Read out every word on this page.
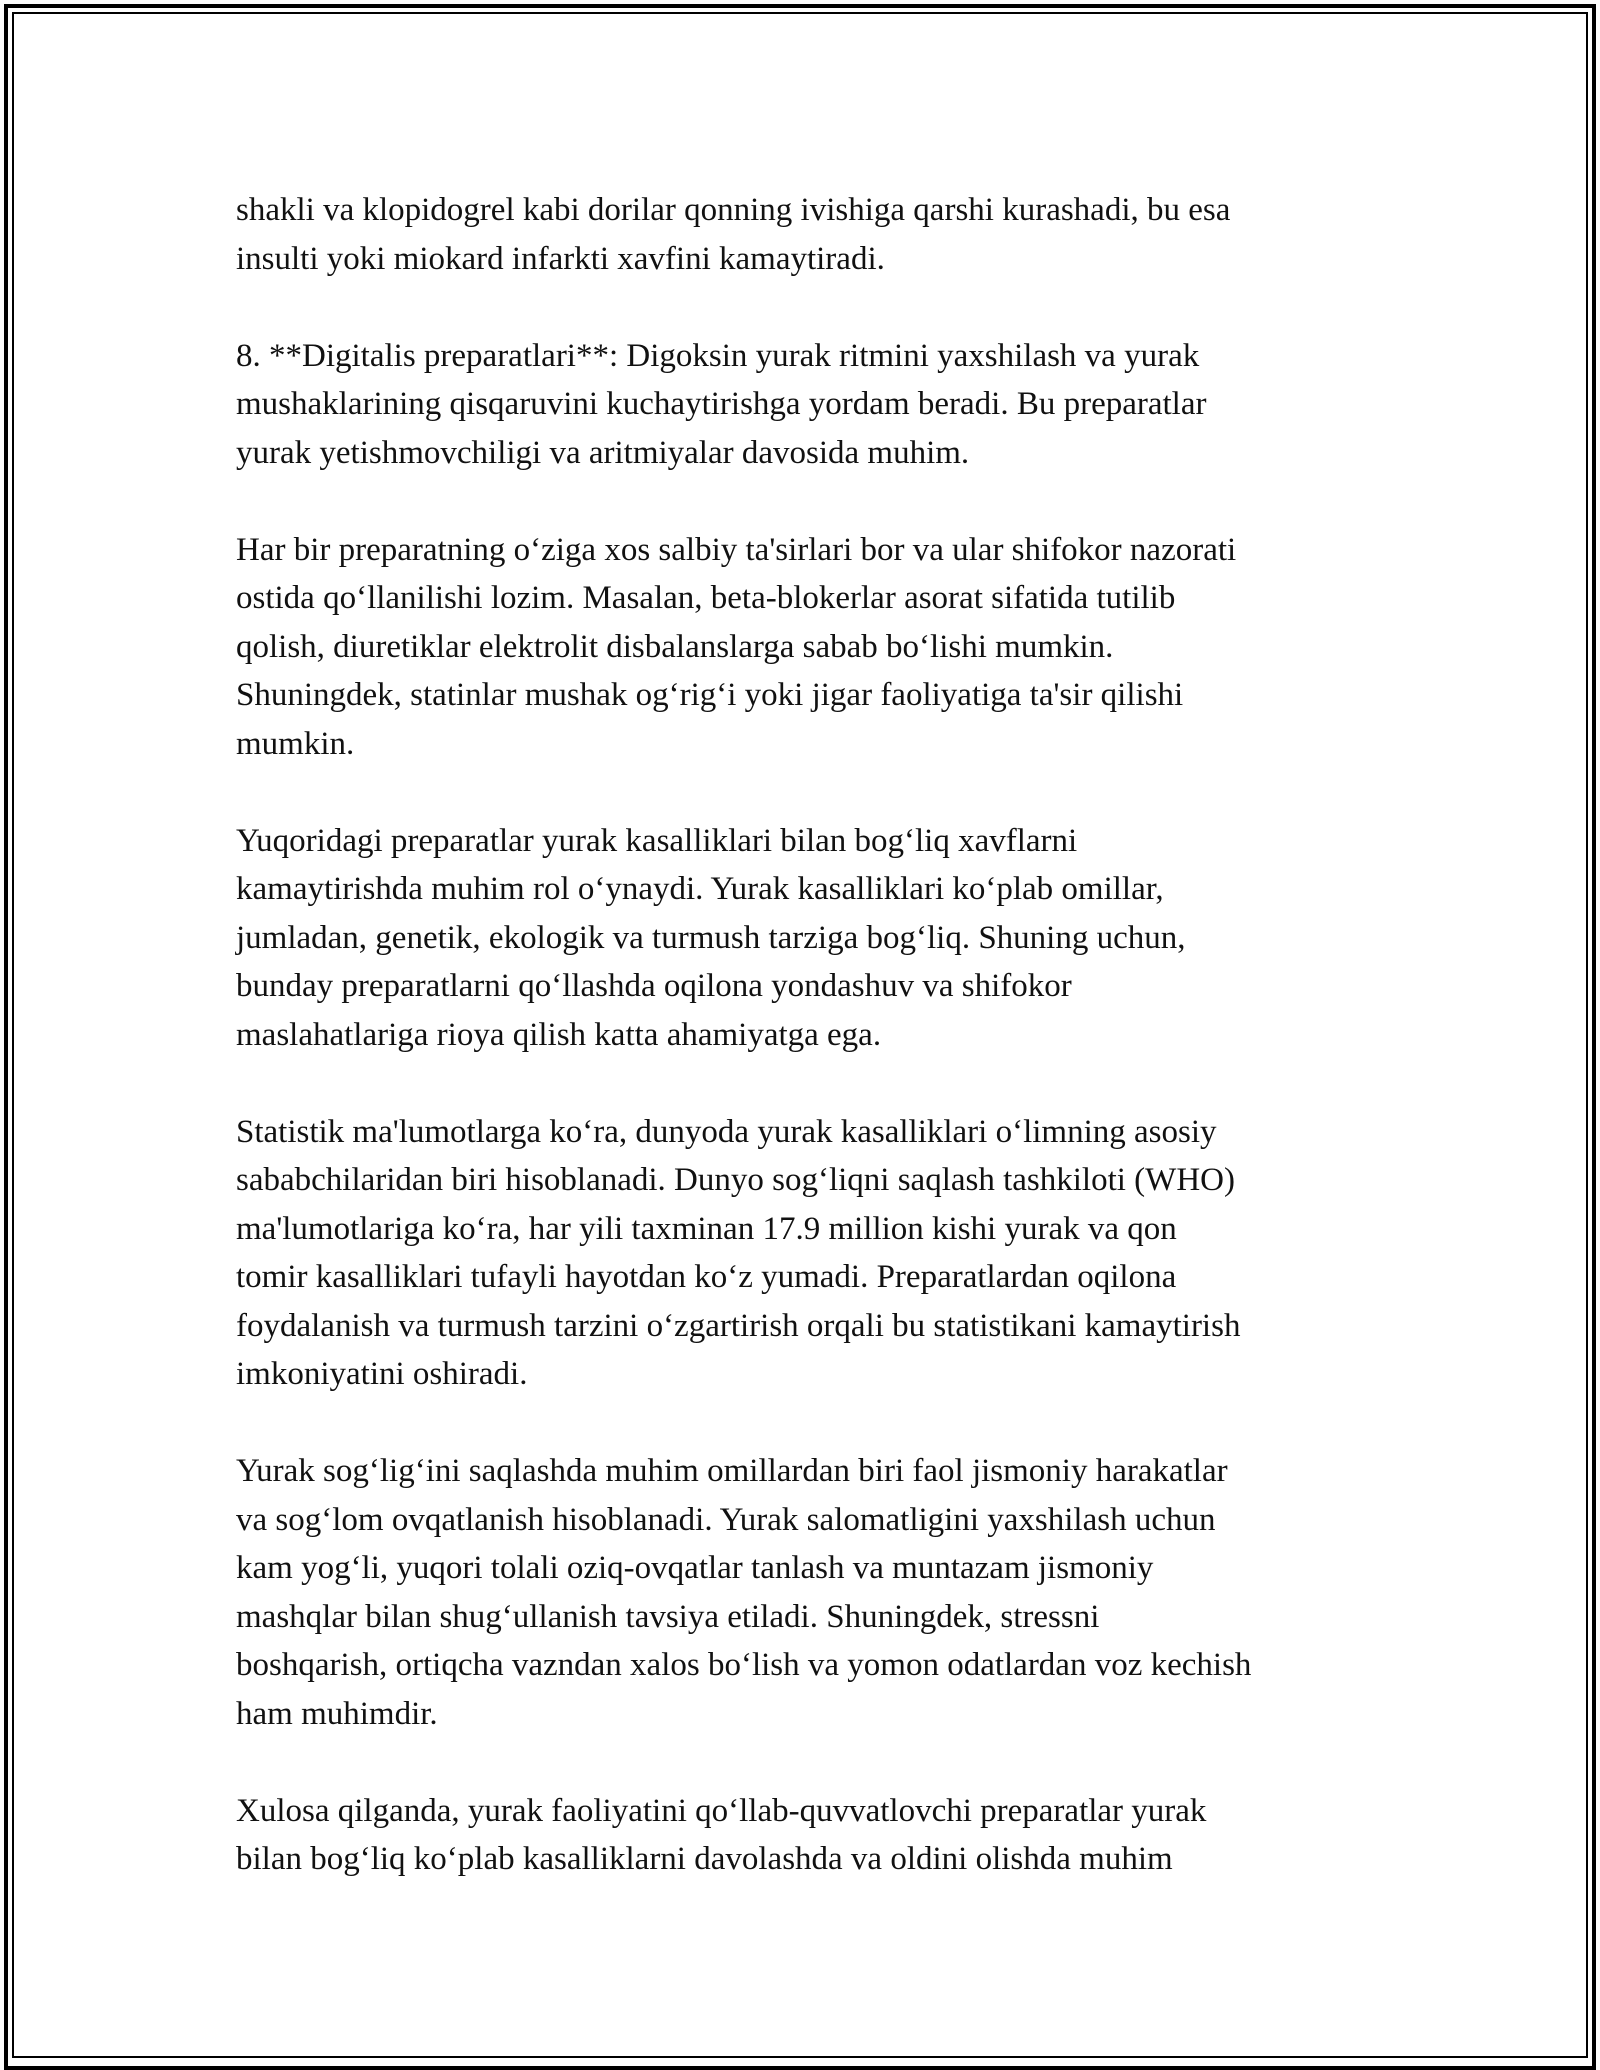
shakli va klopidogrel kabi dorilar qonning ivishiga qarshi kurashadi, bu esa
insulti yoki miokard infarkti xavfini kamaytiradi.

8. **Digitalis preparatlari**: Digoksin yurak ritmini yaxshilash va yurak
mushaklarining qisqaruvini kuchaytirishga yordam beradi. Bu preparatlar
yurak yetishmovchiligi va aritmiyalar davosida muhim.

Har bir preparatning o‘ziga xos salbiy ta'sirlari bor va ular shifokor nazorati
ostida qo‘llanilishi lozim. Masalan, beta-blokerlar asorat sifatida tutilib
qolish, diuretiklar elektrolit disbalanslarga sabab bo‘lishi mumkin.
Shuningdek, statinlar mushak og‘rig‘i yoki jigar faoliyatiga ta'sir qilishi
mumkin.

Yuqoridagi preparatlar yurak kasalliklari bilan bog‘liq xavflarni
kamaytirishda muhim rol o‘ynaydi. Yurak kasalliklari ko‘plab omillar,
jumladan, genetik, ekologik va turmush tarziga bog‘liq. Shuning uchun,
bunday preparatlarni qo‘llashda oqilona yondashuv va shifokor
maslahatlariga rioya qilish katta ahamiyatga ega.

Statistik ma'lumotlarga ko‘ra, dunyoda yurak kasalliklari o‘limning asosiy
sababchilaridan biri hisoblanadi. Dunyo sog‘liqni saqlash tashkiloti (WHO)
ma'lumotlariga ko‘ra, har yili taxminan 17.9 million kishi yurak va qon
tomir kasalliklari tufayli hayotdan ko‘z yumadi. Preparatlardan oqilona
foydalanish va turmush tarzini o‘zgartirish orqali bu statistikani kamaytirish
imkoniyatini oshiradi.

Yurak sog‘lig‘ini saqlashda muhim omillardan biri faol jismoniy harakatlar
va sog‘lom ovqatlanish hisoblanadi. Yurak salomatligini yaxshilash uchun
kam yog‘li, yuqori tolali oziq-ovqatlar tanlash va muntazam jismoniy
mashqlar bilan shug‘ullanish tavsiya etiladi. Shuningdek, stressni
boshqarish, ortiqcha vazndan xalos bo‘lish va yomon odatlardan voz kechish
ham muhimdir.

Xulosa qilganda, yurak faoliyatini qo‘llab-quvvatlovchi preparatlar yurak
bilan bog‘liq ko‘plab kasalliklarni davolashda va oldini olishda muhim
